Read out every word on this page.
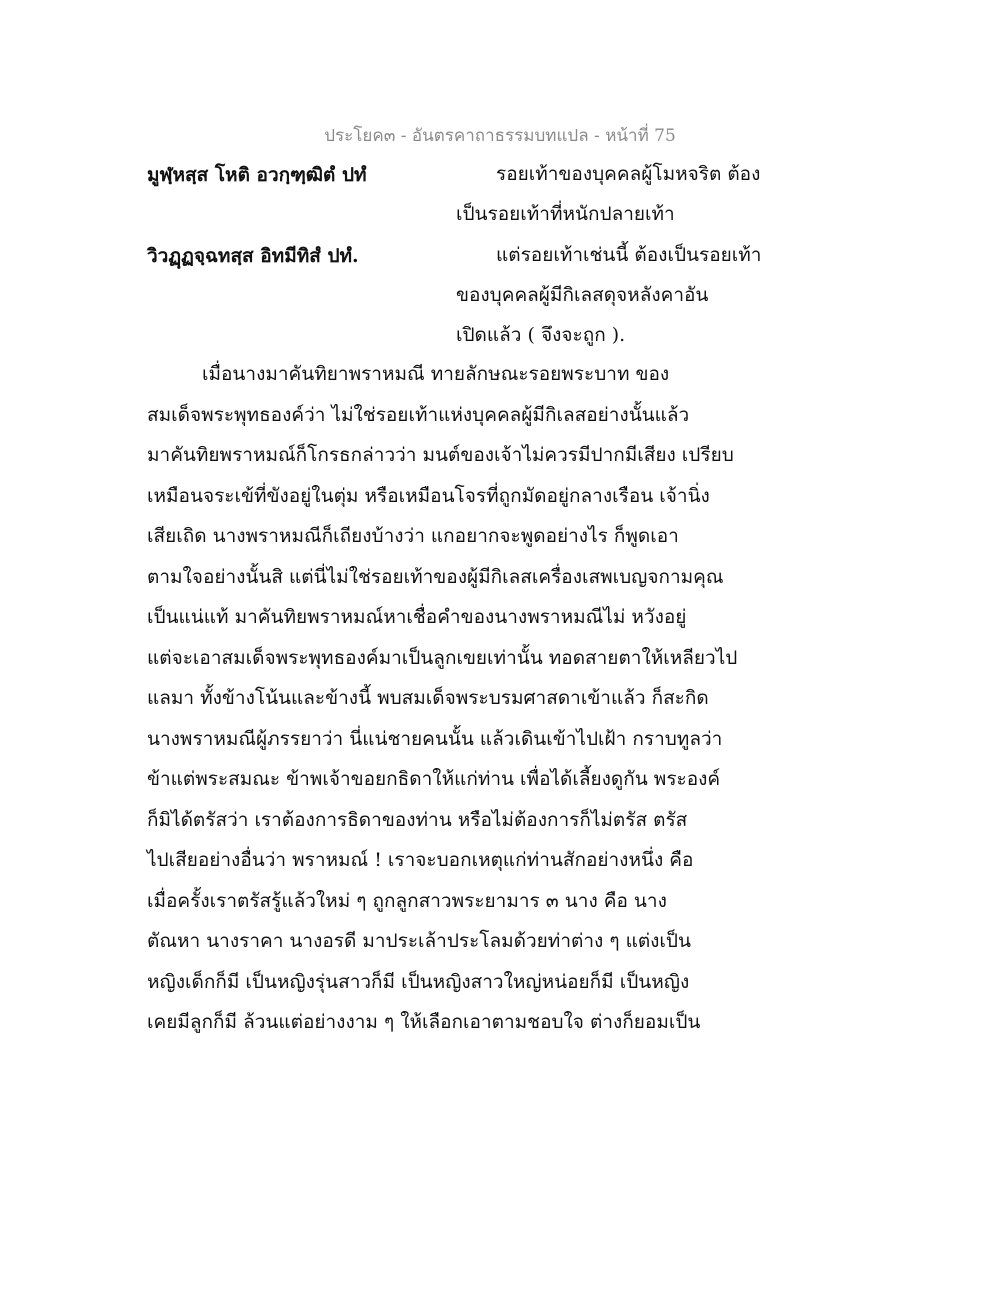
ประโยค๓ - อันตรคาถาธรรมบทแปล - หน้าที่ 75
มูฬฺหสฺส โหติ อวกฺฑฺฒิตํ ปทํ	รอยเท้าของบุคคลผู้โมหจริต ต้อง
เป็นรอยเท้าที่หนักปลายเท้า
วิวฏฺฏจฺฉทสฺส อิทมีทิสํ ปทํ.	แต่รอยเท้าเช่นนี้ ต้องเป็นรอยเท้า
ของบุคคลผู้มีกิเลสดุจหลังคาอัน
เปิดแล้ว ( จึงจะถูก ).
เมื่อนางมาคันทิยาพราหมณี ทายลักษณะรอยพระบาท ของ
สมเด็จพระพุทธองค์ว่า ไม่ใช่รอยเท้าแห่งบุคคลผู้มีกิเลสอย่างนั้นแล้ว
มาคันทิยพราหมณ์ก็โกรธกล่าวว่า มนต์ของเจ้าไม่ควรมีปากมีเสียง เปรียบ
เหมือนจระเข้ที่ขังอยู่ในตุ่ม หรือเหมือนโจรที่ถูกมัดอยู่กลางเรือน เจ้านิ่ง
เสียเถิด นางพราหมณีก็เถียงบ้างว่า แกอยากจะพูดอย่างไร ก็พูดเอา
ตามใจอย่างนั้นสิ แต่นี่ไม่ใช่รอยเท้าของผู้มีกิเลสเครื่องเสพเบญจกามคุณ
เป็นแน่แท้ มาคันทิยพราหมณ์หาเชื่อคำของนางพราหมณีไม่ หวังอยู่
แต่จะเอาสมเด็จพระพุทธองค์มาเป็นลูกเขยเท่านั้น ทอดสายตาให้เหลียวไป
แลมา ทั้งข้างโน้นและข้างนี้ พบสมเด็จพระบรมศาสดาเข้าแล้ว ก็สะกิด
นางพราหมณีผู้ภรรยาว่า นี่แน่ชายคนนั้น แล้วเดินเข้าไปเฝ้า กราบทูลว่า
ข้าแต่พระสมณะ ข้าพเจ้าขอยกธิดาให้แก่ท่าน เพื่อได้เลี้ยงดูกัน พระองค์
ก็มิได้ตรัสว่า เราต้องการธิดาของท่าน หรือไม่ต้องการก็ไม่ตรัส ตรัส
ไปเสียอย่างอื่นว่า พราหมณ์ ! เราจะบอกเหตุแก่ท่านสักอย่างหนึ่ง คือ
เมื่อครั้งเราตรัสรู้แล้วใหม่ ๆ ถูกลูกสาวพระยามาร ๓ นาง คือ นาง
ตัณหา นางราคา นางอรดี มาประเล้าประโลมด้วยท่าต่าง ๆ แต่งเป็น
หญิงเด็กก็มี เป็นหญิงรุ่นสาวก็มี เป็นหญิงสาวใหญ่หน่อยก็มี เป็นหญิง
เคยมีลูกก็มี ล้วนแต่อย่างงาม ๆ ให้เลือกเอาตามชอบใจ ต่างก็ยอมเป็น
